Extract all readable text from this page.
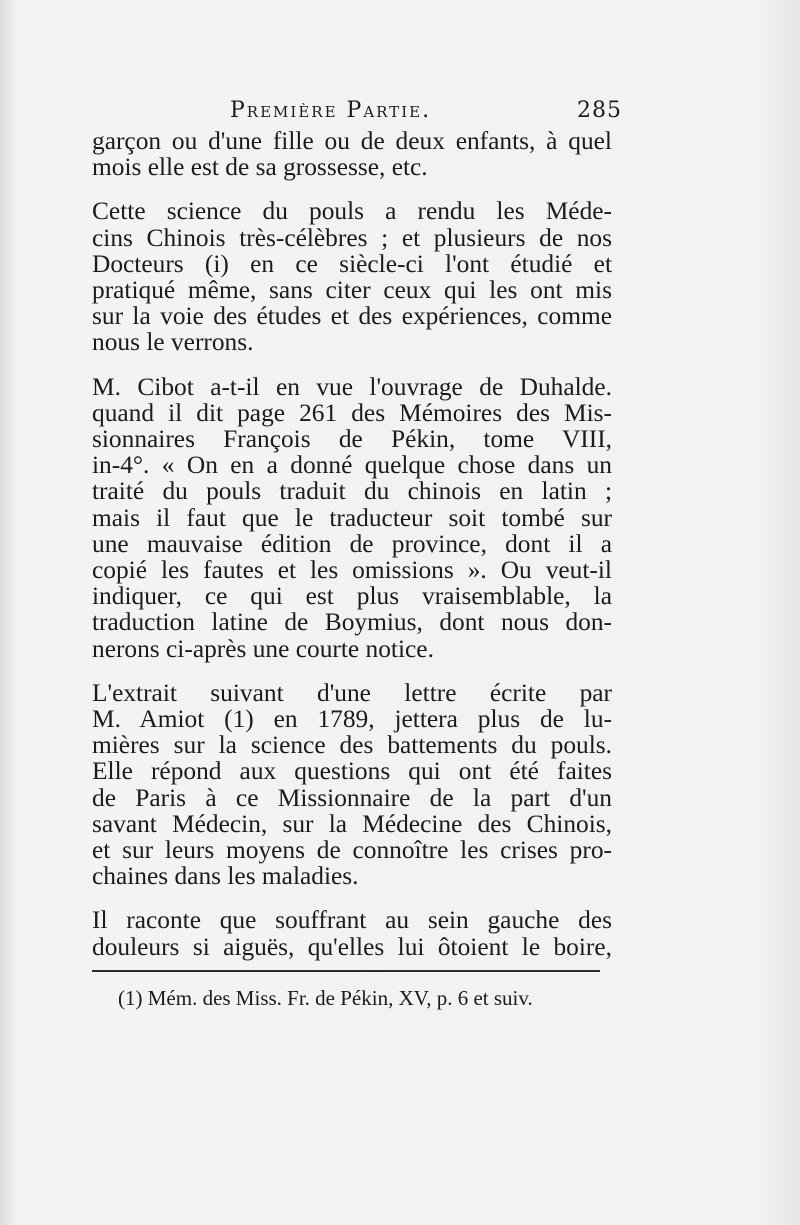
Première Partie.	285

garçon ou d'une fille ou de deux enfants, à quel
mois elle est de sa grossesse, etc.

Cette science du pouls a rendu les Méde-
cins Chinois très-célèbres ; et plusieurs de nos
Docteurs (i) en ce siècle-ci l'ont étudié et
pratiqué même, sans citer ceux qui les ont mis
sur la voie des études et des expériences, comme
nous le verrons.

M. Cibot a-t-il en vue l'ouvrage de Duhalde.
quand il dit page 261 des Mémoires des Mis-
sionnaires François de Pékin, tome VIII,
in-4°. « On en a donné quelque chose dans un
traité du pouls traduit du chinois en latin ;
mais il faut que le traducteur soit tombé sur
une mauvaise édition de province, dont il a
copié les fautes et les omissions ». Ou veut-il
indiquer, ce qui est plus vraisemblable, la
traduction latine de Boymius, dont nous don-
nerons ci-après une courte notice.

L'extrait suivant d'une lettre écrite par
M. Amiot (1) en 1789, jettera plus de lu-
mières sur la science des battements du pouls.
Elle répond aux questions qui ont été faites
de Paris à ce Missionnaire de la part d'un
savant Médecin, sur la Médecine des Chinois,
et sur leurs moyens de connoître les crises pro-
chaines dans les maladies.

Il raconte que souffrant au sein gauche des
douleurs si aiguës, qu'elles lui ôtoient le boire,

(1) Mém. des Miss. Fr. de Pékin, XV, p. 6 et suiv.
